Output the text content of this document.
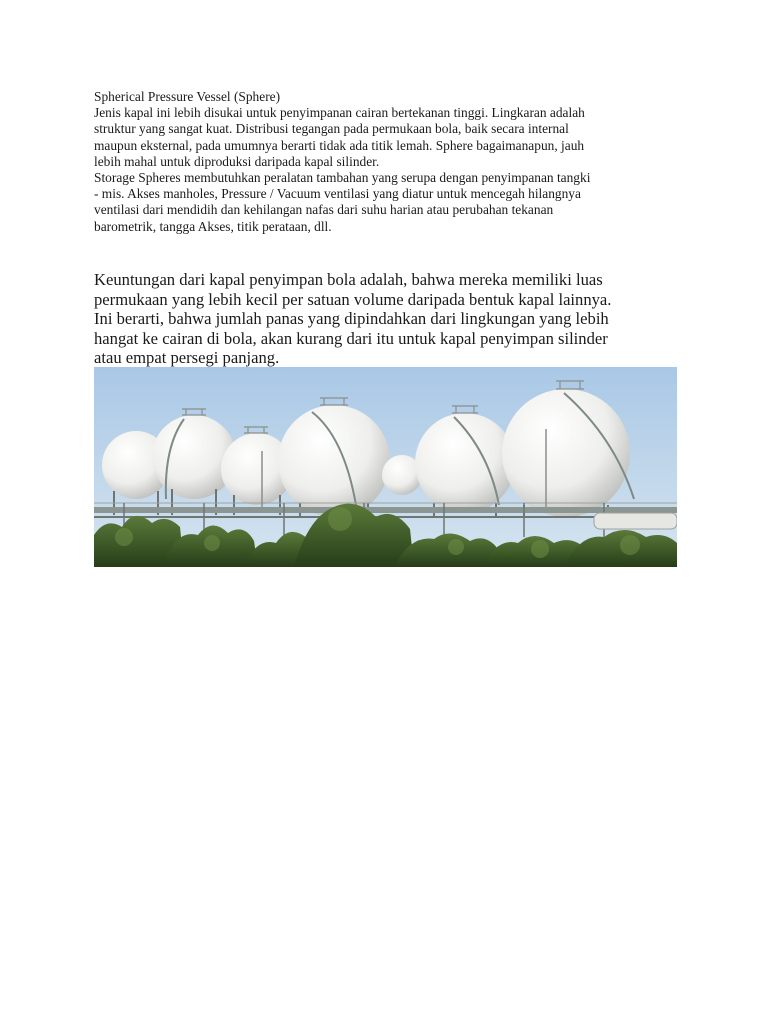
Spherical Pressure Vessel (Sphere)

Jenis kapal ini lebih disukai untuk penyimpanan cairan bertekanan tinggi. Lingkaran adalah

struktur yang sangat kuat. Distribusi tegangan pada permukaan bola, baik secara internal

maupun eksternal, pada umumnya berarti tidak ada titik lemah. Sphere bagaimanapun, jauh

lebih mahal untuk diproduksi daripada kapal silinder.

Storage Spheres membutuhkan peralatan tambahan yang serupa dengan penyimpanan tangki

- mis. Akses manholes, Pressure / Vacuum ventilasi yang diatur untuk mencegah hilangnya

ventilasi dari mendidih dan kehilangan nafas dari suhu harian atau perubahan tekanan

barometrik, tangga Akses, titik perataan, dll.

Keuntungan dari kapal penyimpan bola adalah, bahwa mereka memiliki luas

permukaan yang lebih kecil per satuan volume daripada bentuk kapal lainnya.

Ini berarti, bahwa jumlah panas yang dipindahkan dari lingkungan yang lebih

hangat ke cairan di bola, akan kurang dari itu untuk kapal penyimpan silinder

atau empat persegi panjang.
